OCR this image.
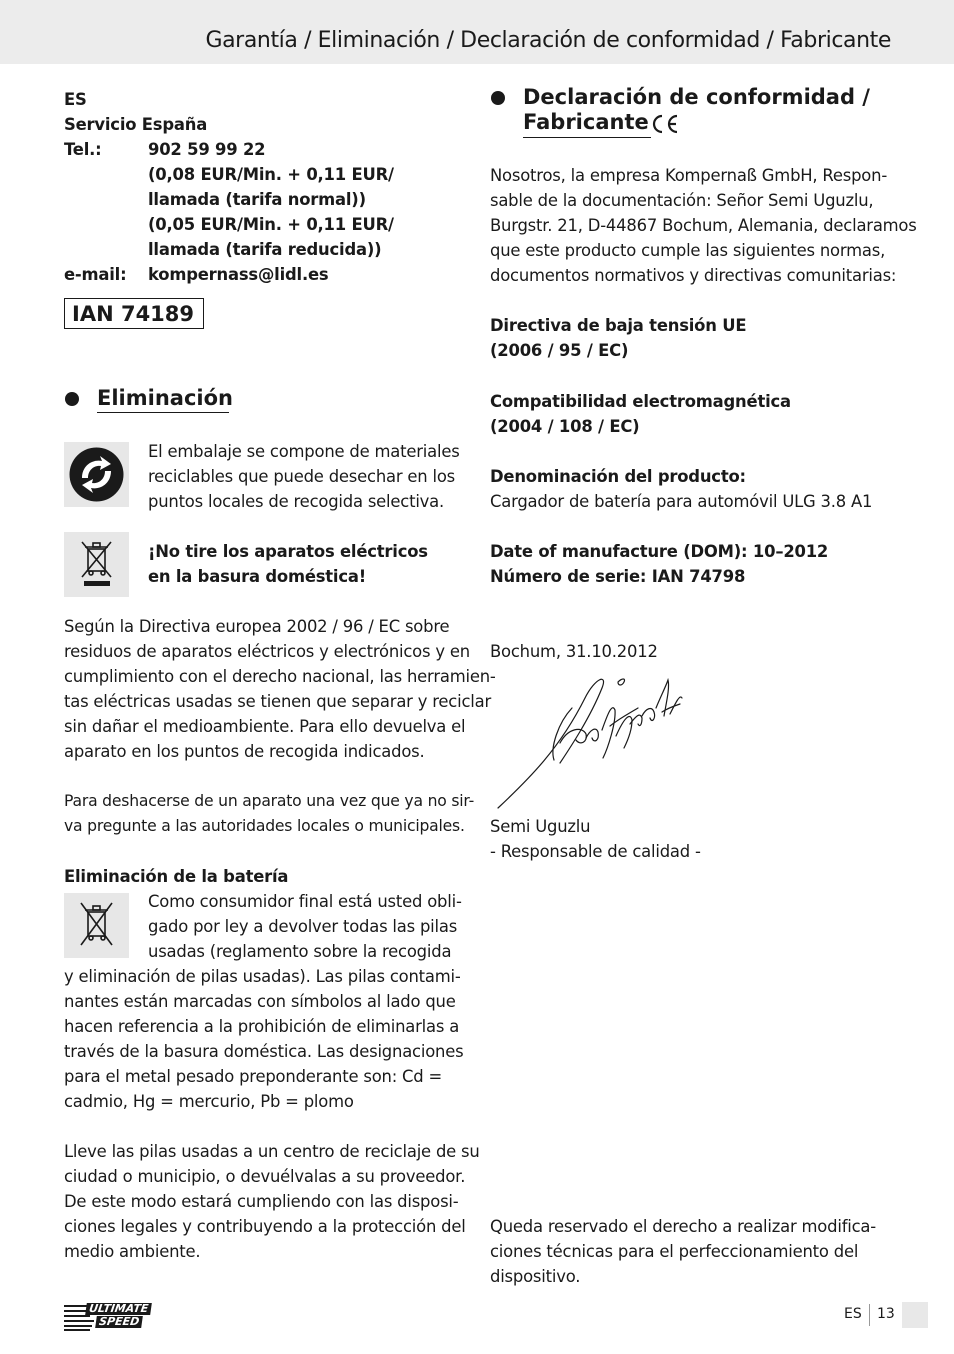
Garantía / Eliminación / Declaración de conformidad / Fabricante
ES
Servicio España
Tel.:	902 59 99 22
(0,08 EUR/Min. + 0,11 EUR/
llamada (tarifa normal))
(0,05 EUR/Min. + 0,11 EUR/
llamada (tarifa reducida))
e-mail: kompernass@lidl.es
IAN 74189
Eliminación
El embalaje se compone de materiales
reciclables que puede desechar en los
puntos locales de recogida selectiva.
¡No tire los aparatos eléctricos
en la basura doméstica!
Según la Directiva europea 2002 / 96 / EC sobre
residuos de aparatos eléctricos y electrónicos y en
cumplimiento con el derecho nacional, las herramien-
tas eléctricas usadas se tienen que separar y reciclar
sin dañar el medioambiente. Para ello devuelva el
aparato en los puntos de recogida indicados.
Para deshacerse de un aparato una vez que ya no sir-
va pregunte a las autoridades locales o municipales.
Eliminación de la batería
Como consumidor final está usted obli-
gado por ley a devolver todas las pilas
usadas (reglamento sobre la recogida
y eliminación de pilas usadas). Las pilas contami-
nantes están marcadas con símbolos al lado que
hacen referencia a la prohibición de eliminarlas a
través de la basura doméstica. Las designaciones
para el metal pesado preponderante son: Cd =
cadmio, Hg = mercurio, Pb = plomo
Lleve las pilas usadas a un centro de reciclaje de su
ciudad o municipio, o devuélvalas a su proveedor.
De este modo estará cumpliendo con las disposi-
ciones legales y contribuyendo a la protección del
medio ambiente.
Declaración de conformidad /
Fabricante
Nosotros, la empresa Kompernaß GmbH, Respon-
sable de la documentación: Señor Semi Uguzlu,
Burgstr. 21, D-44867 Bochum, Alemania, declaramos
que este producto cumple las siguientes normas,
documentos normativos y directivas comunitarias:
Directiva de baja tensión UE
(2006 / 95 / EC)
Compatibilidad electromagnética
(2004 / 108 / EC)
Denominación del producto:
Cargador de batería para automóvil ULG 3.8 A1
Date of manufacture (DOM): 10–2012
Número de serie: IAN 74798
Bochum, 31.10.2012
Semi Uguzlu
- Responsable de calidad -
Queda reservado el derecho a realizar modifica-
ciones técnicas para el perfeccionamiento del
dispositivo.
ULTIMATE
SPEED	ES 13
